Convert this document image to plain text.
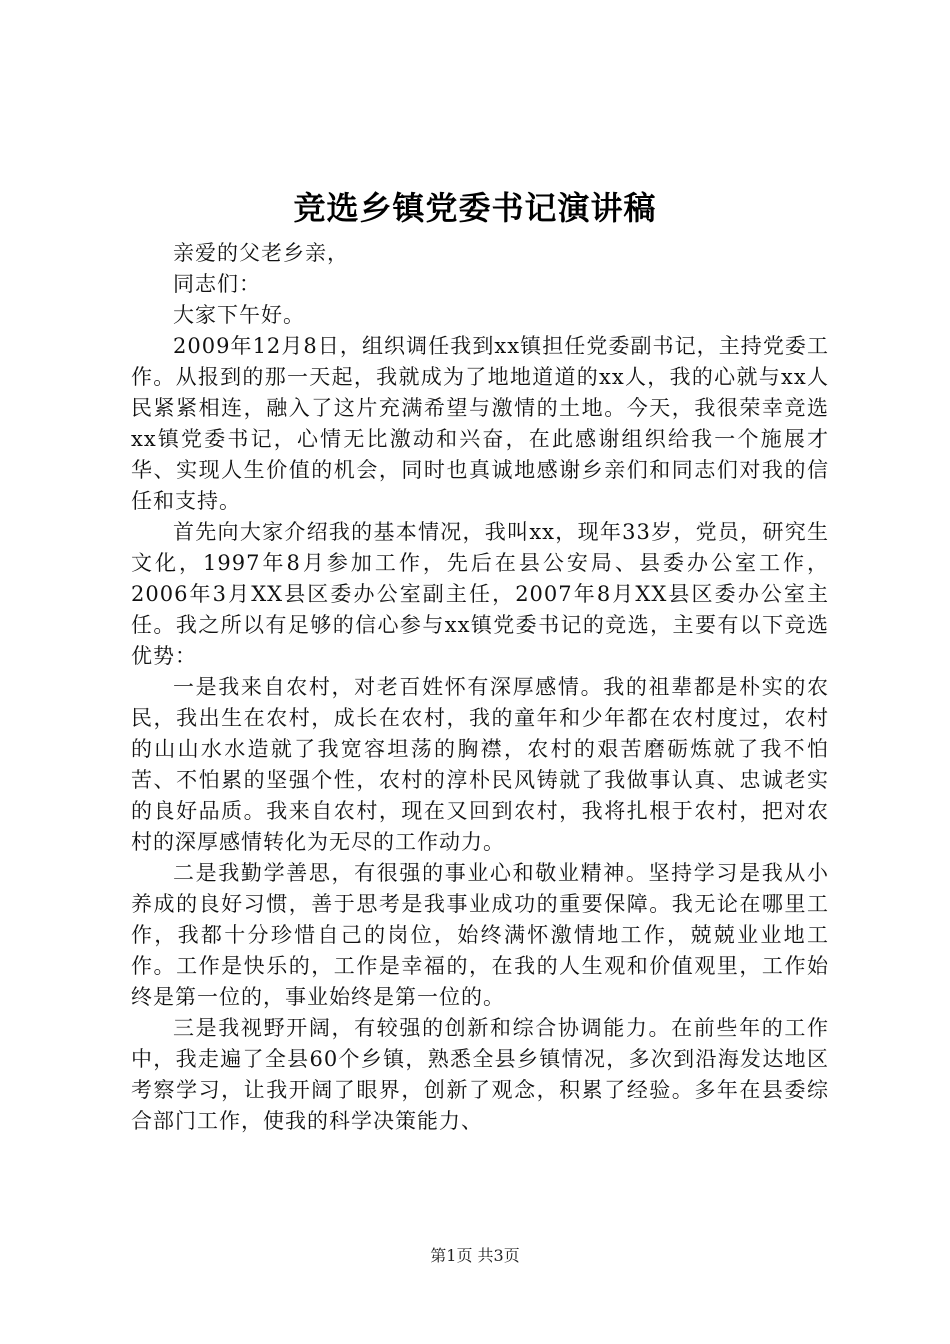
竞选乡镇党委书记演讲稿

亲爱的父老乡亲，

同志们：

大家下午好。

2009年12月8日，组织调任我到xx镇担任党委副书记，主持党委工作。从报到的那一天起，我就成为了地地道道的xx人，我的心就与xx人民紧紧相连，融入了这片充满希望与激情的土地。今天，我很荣幸竞选xx镇党委书记，心情无比激动和兴奋，在此感谢组织给我一个施展才华、实现人生价值的机会，同时也真诚地感谢乡亲们和同志们对我的信任和支持。

首先向大家介绍我的基本情况，我叫xx，现年33岁，党员，研究生文化，1997年8月参加工作，先后在县公安局、县委办公室工作，2006年3月XX县区委办公室副主任，2007年8月XX县区委办公室主任。我之所以有足够的信心参与xx镇党委书记的竞选，主要有以下竞选优势：

一是我来自农村，对老百姓怀有深厚感情。我的祖辈都是朴实的农民，我出生在农村，成长在农村，我的童年和少年都在农村度过，农村的山山水水造就了我宽容坦荡的胸襟，农村的艰苦磨砺炼就了我不怕苦、不怕累的坚强个性，农村的淳朴民风铸就了我做事认真、忠诚老实的良好品质。我来自农村，现在又回到农村，我将扎根于农村，把对农村的深厚感情转化为无尽的工作动力。

二是我勤学善思，有很强的事业心和敬业精神。坚持学习是我从小养成的良好习惯，善于思考是我事业成功的重要保障。我无论在哪里工作，我都十分珍惜自己的岗位，始终满怀激情地工作，兢兢业业地工作。工作是快乐的，工作是幸福的，在我的人生观和价值观里，工作始终是第一位的，事业始终是第一位的。

三是我视野开阔，有较强的创新和综合协调能力。在前些年的工作中，我走遍了全县60个乡镇，熟悉全县乡镇情况，多次到沿海发达地区考察学习，让我开阔了眼界，创新了观念，积累了经验。多年在县委综合部门工作，使我的科学决策能力、

第1页 共3页
